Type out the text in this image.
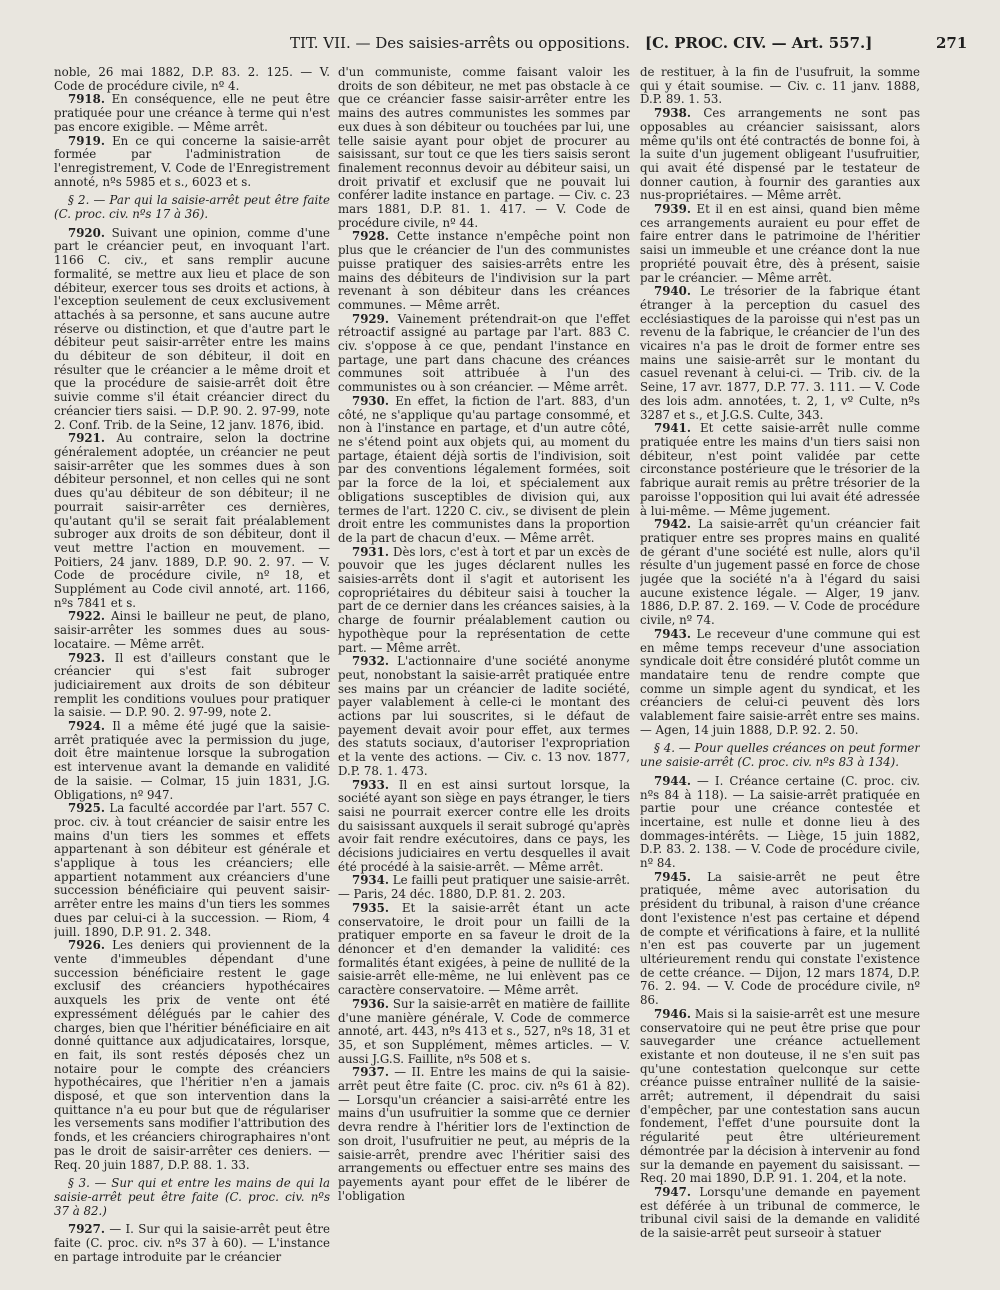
TIT. VII. — Des saisies-arrêts ou oppositions. [C. PROC. CIV. — Art. 557.]	271

noble, 26 mai 1882, D.P. 83. 2. 125. — V. Code de procédure civile, nº 4.

7918. En conséquence, elle ne peut être pratiquée pour une créance à terme qui n'est pas encore exigible. — Même arrêt.

7919. En ce qui concerne la saisie-arrêt formée par l'administration de l'enregistrement, V. Code de l'Enregistrement annoté, nºs 5985 et s., 6023 et s.

§ 2. — Par qui la saisie-arrêt peut être faite (C. proc. civ. nºs 17 à 36).

7920. Suivant une opinion, comme d'une part le créancier peut, en invoquant l'art. 1166 C. civ., et sans remplir aucune formalité, se mettre aux lieu et place de son débiteur, exercer tous ses droits et actions, à l'exception seulement de ceux exclusivement attachés à sa personne, et sans aucune autre réserve ou distinction, et que d'autre part le débiteur peut saisir-arrêter entre les mains du débiteur de son débiteur, il doit en résulter que le créancier a le même droit et que la procédure de saisie-arrêt doit être suivie comme s'il était créancier direct du créancier tiers saisi. — D.P. 90. 2. 97-99, note 2. Conf. Trib. de la Seine, 12 janv. 1876, ibid.

7921. Au contraire, selon la doctrine généralement adoptée, un créancier ne peut saisir-arrêter que les sommes dues à son débiteur personnel, et non celles qui ne sont dues qu'au débiteur de son débiteur; il ne pourrait saisir-arrêter ces dernières, qu'autant qu'il se serait fait préalablement subroger aux droits de son débiteur, dont il veut mettre l'action en mouvement. — Poitiers, 24 janv. 1889, D.P. 90. 2. 97. — V. Code de procédure civile, nº 18, et Supplément au Code civil annoté, art. 1166, nºs 7841 et s.

7922. Ainsi le bailleur ne peut, de plano, saisir-arrêter les sommes dues au sous-locataire. — Même arrêt.

7923. Il est d'ailleurs constant que le créancier qui s'est fait subroger judiciairement aux droits de son débiteur remplit les conditions voulues pour pratiquer la saisie. — D.P. 90. 2. 97-99, note 2.

7924. Il a même été jugé que la saisie-arrêt pratiquée avec la permission du juge, doit être maintenue lorsque la subrogation est intervenue avant la demande en validité de la saisie. — Colmar, 15 juin 1831, J.G. Obligations, nº 947.

7925. La faculté accordée par l'art. 557 C. proc. civ. à tout créancier de saisir entre les mains d'un tiers les sommes et effets appartenant à son débiteur est générale et s'applique à tous les créanciers; elle appartient notamment aux créanciers d'une succession bénéficiaire qui peuvent saisir-arrêter entre les mains d'un tiers les sommes dues par celui-ci à la succession. — Riom, 4 juill. 1890, D.P. 91. 2. 348.

7926. Les deniers qui proviennent de la vente d'immeubles dépendant d'une succession bénéficiaire restent le gage exclusif des créanciers hypothécaires auxquels les prix de vente ont été expressément délégués par le cahier des charges, bien que l'héritier bénéficiaire en ait donné quittance aux adjudicataires, lorsque, en fait, ils sont restés déposés chez un notaire pour le compte des créanciers hypothécaires, que l'héritier n'en a jamais disposé, et que son intervention dans la quittance n'a eu pour but que de régulariser les versements sans modifier l'attribution des fonds, et les créanciers chirographaires n'ont pas le droit de saisir-arrêter ces deniers. — Req. 20 juin 1887, D.P. 88. 1. 33.

§ 3. — Sur qui et entre les mains de qui la saisie-arrêt peut être faite (C. proc. civ. nºs 37 à 82.)

7927. — I. Sur qui la saisie-arrêt peut être faite (C. proc. civ. nºs 37 à 60). — L'instance en partage introduite par le créancier

d'un communiste, comme faisant valoir les droits de son débiteur, ne met pas obstacle à ce que ce créancier fasse saisir-arrêter entre les mains des autres communistes les sommes par eux dues à son débiteur ou touchées par lui, une telle saisie ayant pour objet de procurer au saisissant, sur tout ce que les tiers saisis seront finalement reconnus devoir au débiteur saisi, un droit privatif et exclusif que ne pouvait lui conférer ladite instance en partage. — Civ. c. 23 mars 1881, D.P. 81. 1. 417. — V. Code de procédure civile, nº 44.

7928. Cette instance n'empêche point non plus que le créancier de l'un des communistes puisse pratiquer des saisies-arrêts entre les mains des débiteurs de l'indivision sur la part revenant à son débiteur dans les créances communes. — Même arrêt.

7929. Vainement prétendrait-on que l'effet rétroactif assigné au partage par l'art. 883 C. civ. s'oppose à ce que, pendant l'instance en partage, une part dans chacune des créances communes soit attribuée à l'un des communistes ou à son créancier. — Même arrêt.

7930. En effet, la fiction de l'art. 883, d'un côté, ne s'applique qu'au partage consommé, et non à l'instance en partage, et d'un autre côté, ne s'étend point aux objets qui, au moment du partage, étaient déjà sortis de l'indivision, soit par des conventions légalement formées, soit par la force de la loi, et spécialement aux obligations susceptibles de division qui, aux termes de l'art. 1220 C. civ., se divisent de plein droit entre les communistes dans la proportion de la part de chacun d'eux. — Même arrêt.

7931. Dès lors, c'est à tort et par un excès de pouvoir que les juges déclarent nulles les saisies-arrêts dont il s'agit et autorisent les copropriétaires du débiteur saisi à toucher la part de ce dernier dans les créances saisies, à la charge de fournir préalablement caution ou hypothèque pour la représentation de cette part. — Même arrêt.

7932. L'actionnaire d'une société anonyme peut, nonobstant la saisie-arrêt pratiquée entre ses mains par un créancier de ladite société, payer valablement à celle-ci le montant des actions par lui souscrites, si le défaut de payement devait avoir pour effet, aux termes des statuts sociaux, d'autoriser l'expropriation et la vente des actions. — Civ. c. 13 nov. 1877, D.P. 78. 1. 473.

7933. Il en est ainsi surtout lorsque, la société ayant son siège en pays étranger, le tiers saisi ne pourrait exercer contre elle les droits du saisissant auxquels il serait subrogé qu'après avoir fait rendre exécutoires, dans ce pays, les décisions judiciaires en vertu desquelles il avait été procédé à la saisie-arrêt. — Même arrêt.

7934. Le failli peut pratiquer une saisie-arrêt. — Paris, 24 déc. 1880, D.P. 81. 2. 203.

7935. Et la saisie-arrêt étant un acte conservatoire, le droit pour un failli de la pratiquer emporte en sa faveur le droit de la dénoncer et d'en demander la validité: ces formalités étant exigées, à peine de nullité de la saisie-arrêt elle-même, ne lui enlèvent pas ce caractère conservatoire. — Même arrêt.

7936. Sur la saisie-arrêt en matière de faillite d'une manière générale, V. Code de commerce annoté, art. 443, nºs 413 et s., 527, nºs 18, 31 et 35, et son Supplément, mêmes articles. — V. aussi J.G.S. Faillite, nºs 508 et s.

7937. — II. Entre les mains de qui la saisie-arrêt peut être faite (C. proc. civ. nºs 61 à 82). — Lorsqu'un créancier a saisi-arrêté entre les mains d'un usufruitier la somme que ce dernier devra rendre à l'héritier lors de l'extinction de son droit, l'usufruitier ne peut, au mépris de la saisie-arrêt, prendre avec l'héritier saisi des arrangements ou effectuer entre ses mains des payements ayant pour effet de le libérer de l'obligation

de restituer, à la fin de l'usufruit, la somme qui y était soumise. — Civ. c. 11 janv. 1888, D.P. 89. 1. 53.

7938. Ces arrangements ne sont pas opposables au créancier saisissant, alors même qu'ils ont été contractés de bonne foi, à la suite d'un jugement obligeant l'usufruitier, qui avait été dispensé par le testateur de donner caution, à fournir des garanties aux nus-propriétaires. — Même arrêt.

7939. Et il en est ainsi, quand bien même ces arrangements auraient eu pour effet de faire entrer dans le patrimoine de l'héritier saisi un immeuble et une créance dont la nue propriété pouvait être, dès à présent, saisie par le créancier. — Même arrêt.

7940. Le trésorier de la fabrique étant étranger à la perception du casuel des ecclésiastiques de la paroisse qui n'est pas un revenu de la fabrique, le créancier de l'un des vicaires n'a pas le droit de former entre ses mains une saisie-arrêt sur le montant du casuel revenant à celui-ci. — Trib. civ. de la Seine, 17 avr. 1877, D.P. 77. 3. 111. — V. Code des lois adm. annotées, t. 2, 1, vº Culte, nºs 3287 et s., et J.G.S. Culte, 343.

7941. Et cette saisie-arrêt nulle comme pratiquée entre les mains d'un tiers saisi non débiteur, n'est point validée par cette circonstance postérieure que le trésorier de la fabrique aurait remis au prêtre trésorier de la paroisse l'opposition qui lui avait été adressée à lui-même. — Même jugement.

7942. La saisie-arrêt qu'un créancier fait pratiquer entre ses propres mains en qualité de gérant d'une société est nulle, alors qu'il résulte d'un jugement passé en force de chose jugée que la société n'a à l'égard du saisi aucune existence légale. — Alger, 19 janv. 1886, D.P. 87. 2. 169. — V. Code de procédure civile, nº 74.

7943. Le receveur d'une commune qui est en même temps receveur d'une association syndicale doit être considéré plutôt comme un mandataire tenu de rendre compte que comme un simple agent du syndicat, et les créanciers de celui-ci peuvent dès lors valablement faire saisie-arrêt entre ses mains. — Agen, 14 juin 1888, D.P. 92. 2. 50.

§ 4. — Pour quelles créances on peut former une saisie-arrêt (C. proc. civ. nºs 83 à 134).

7944. — I. Créance certaine (C. proc. civ. nºs 84 à 118). — La saisie-arrêt pratiquée en partie pour une créance contestée et incertaine, est nulle et donne lieu à des dommages-intérêts. — Liège, 15 juin 1882, D.P. 83. 2. 138. — V. Code de procédure civile, nº 84.

7945. La saisie-arrêt ne peut être pratiquée, même avec autorisation du président du tribunal, à raison d'une créance dont l'existence n'est pas certaine et dépend de compte et vérifications à faire, et la nullité n'en est pas couverte par un jugement ultérieurement rendu qui constate l'existence de cette créance. — Dijon, 12 mars 1874, D.P. 76. 2. 94. — V. Code de procédure civile, nº 86.

7946. Mais si la saisie-arrêt est une mesure conservatoire qui ne peut être prise que pour sauvegarder une créance actuellement existante et non douteuse, il ne s'en suit pas qu'une contestation quelconque sur cette créance puisse entraîner nullité de la saisie-arrêt; autrement, il dépendrait du saisi d'empêcher, par une contestation sans aucun fondement, l'effet d'une poursuite dont la régularité peut être ultérieurement démontrée par la décision à intervenir au fond sur la demande en payement du saisissant. — Req. 20 mai 1890, D.P. 91. 1. 204, et la note.

7947. Lorsqu'une demande en payement est déférée à un tribunal de commerce, le tribunal civil saisi de la demande en validité de la saisie-arrêt peut surseoir à statuer
